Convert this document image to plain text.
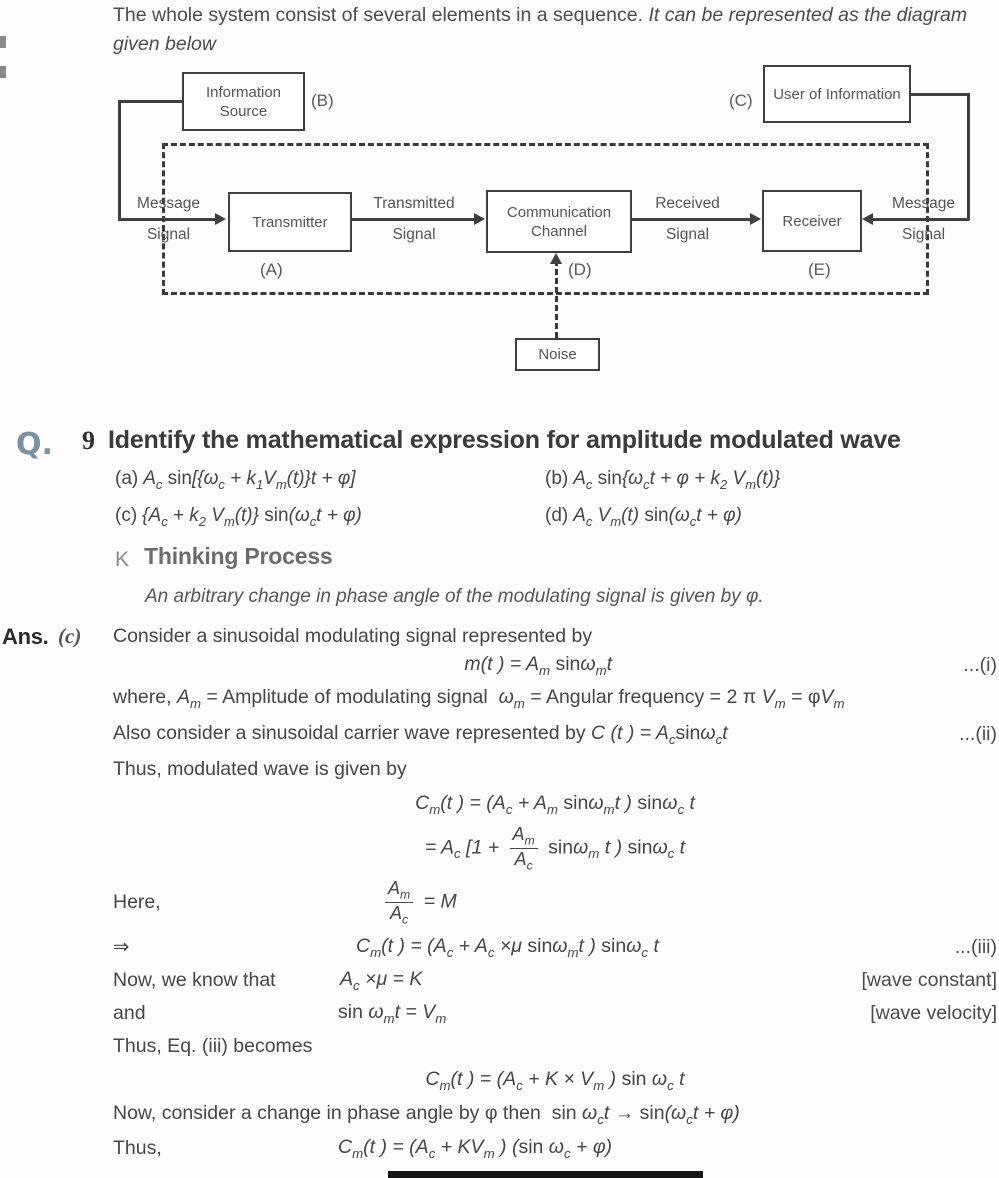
The whole system consist of several elements in a sequence. It can be represented as the diagram given below

Information Source
User of Information
Transmitter
Communication Channel
Receiver
Noise
Message Signal
Transmitted Signal
Received Signal
Message Signal
(A)
(B)	(C)
(D)	(E)
Q. 9 Identify the mathematical expression for amplitude modulated wave
(a) $A_c$ $\sin[\{\omega_c + k_1V_m(t)\}t + \varphi]$	(b) $A_c$ $\sin\{\omega_ct + \varphi + k_2$ $V_m(t)$}
(c) {$A_c + k_2$ $V_m(t)$} $\sin(\omega_ct + \varphi)$	(d) $A_c$ $V_m(t) \sin(\omega_ct + \varphi)$
K Thinking Process
An arbitrary change in phase angle of the modulating signal is given by φ.
Ans. (c) Consider a sinusoidal modulating signal represented by
m(t ) = $A_m$ sinω$_m$t	...(i)
where, $A_m$ = Amplitude of modulating signal  $\omega_m$ = Angular frequency = 2 π $V_m = \varphi V_m$
Also consider a sinusoidal carrier wave represented by C (t ) = $A_c\sin\omega_ct$	...(ii)
Thus, modulated wave is given by
$C_m(t$ ) = ($A_c + A_m$ sinω$_m$t ) sinω$_c$ t
= $A_c$ [$1 + \frac{A_m}{A_c} \sin\omega_m$ t ) sinω$_c$ t
Here,	$\frac{A_m}{A_c} = M$
⇒	$C_m(t$ ) = ($A_c + A_c \times\mu$ sinω$_m$t ) sinω$_c$ t	...(iii)
Now, we know that	$A_c \times\mu = K$	[wave constant]
and	$\sin \omega_mt = V_m$	[wave velocity]
Thus, Eq. (iii) becomes
$C_m(t$ ) = ($A_c + K \times V_m$ ) $\sin \omega_c$ t
Now, consider a change in phase angle by φ then  $\sin \omega_ct \to \sin(\omega_ct + \varphi)$
Thus,	$C_m(t$ ) = ($A_c + KV_m$ ) (sin $\omega_c + \varphi$)
